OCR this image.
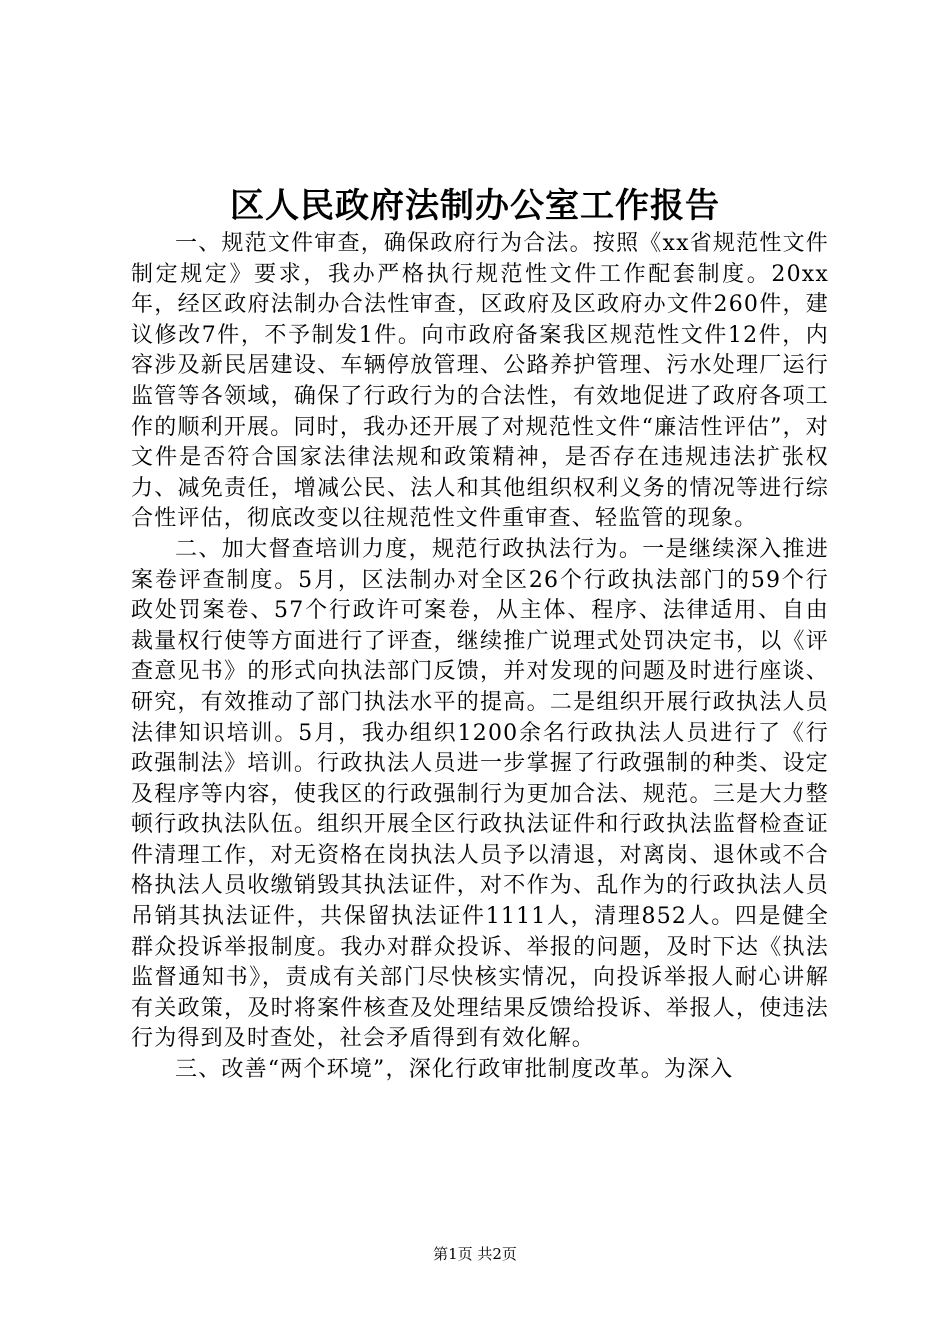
区人民政府法制办公室工作报告

一、规范文件审查，确保政府行为合法。按照《xx省规范性文件制定规定》要求，我办严格执行规范性文件工作配套制度。20xx年，经区政府法制办合法性审查，区政府及区政府办文件260件，建议修改7件，不予制发1件。向市政府备案我区规范性文件12件，内容涉及新民居建设、车辆停放管理、公路养护管理、污水处理厂运行监管等各领域，确保了行政行为的合法性，有效地促进了政府各项工作的顺利开展。同时，我办还开展了对规范性文件“廉洁性评估”，对文件是否符合国家法律法规和政策精神，是否存在违规违法扩张权力、减免责任，增减公民、法人和其他组织权利义务的情况等进行综合性评估，彻底改变以往规范性文件重审查、轻监管的现象。

二、加大督查培训力度，规范行政执法行为。一是继续深入推进案卷评查制度。5月，区法制办对全区26个行政执法部门的59个行政处罚案卷、57个行政许可案卷，从主体、程序、法律适用、自由裁量权行使等方面进行了评查，继续推广说理式处罚决定书，以《评查意见书》的形式向执法部门反馈，并对发现的问题及时进行座谈、研究，有效推动了部门执法水平的提高。二是组织开展行政执法人员法律知识培训。5月，我办组织1200余名行政执法人员进行了《行政强制法》培训。行政执法人员进一步掌握了行政强制的种类、设定及程序等内容，使我区的行政强制行为更加合法、规范。三是大力整顿行政执法队伍。组织开展全区行政执法证件和行政执法监督检查证件清理工作，对无资格在岗执法人员予以清退，对离岗、退休或不合格执法人员收缴销毁其执法证件，对不作为、乱作为的行政执法人员吊销其执法证件，共保留执法证件1111人，清理852人。四是健全群众投诉举报制度。我办对群众投诉、举报的问题，及时下达《执法监督通知书》，责成有关部门尽快核实情况，向投诉举报人耐心讲解有关政策，及时将案件核查及处理结果反馈给投诉、举报人，使违法行为得到及时查处，社会矛盾得到有效化解。

三、改善“两个环境”，深化行政审批制度改革。为深入

第1页 共2页
